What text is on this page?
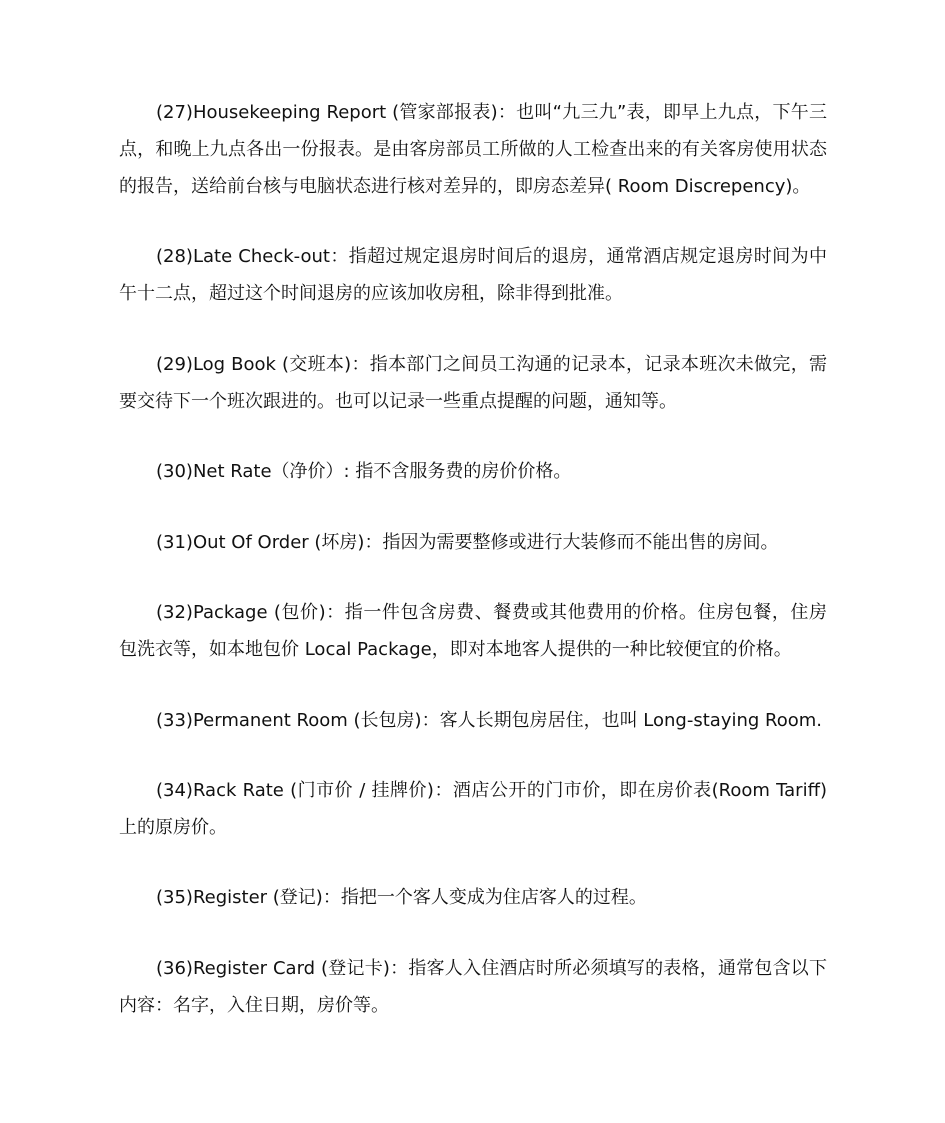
(27)Housekeeping Report (管家部报表)：也叫“九三九”表，即早上九点，下午三点，和晚上九点各出一份报表。是由客房部员工所做的人工检查出来的有关客房使用状态的报告，送给前台核与电脑状态进行核对差异的，即房态差异( Room Discrepency)。

(28)Late Check-out：指超过规定退房时间后的退房，通常酒店规定退房时间为中午十二点，超过这个时间退房的应该加收房租，除非得到批准。

(29)Log Book (交班本)：指本部门之间员工沟通的记录本，记录本班次未做完，需要交待下一个班次跟进的。也可以记录一些重点提醒的问题，通知等。

(30)Net Rate（净价）: 指不含服务费的房价价格。

(31)Out Of Order (坏房)：指因为需要整修或进行大装修而不能出售的房间。

(32)Package (包价)：指一件包含房费、餐费或其他费用的价格。住房包餐，住房包洗衣等，如本地包价 Local Package，即对本地客人提供的一种比较便宜的价格。

(33)Permanent Room (长包房)：客人长期包房居住，也叫 Long-staying Room.

(34)Rack Rate (门市价 / 挂牌价)：酒店公开的门市价，即在房价表(Room Tariff)上的原房价。

(35)Register (登记)：指把一个客人变成为住店客人的过程。

(36)Register Card (登记卡)：指客人入住酒店时所必须填写的表格，通常包含以下内容：名字，入住日期，房价等。
